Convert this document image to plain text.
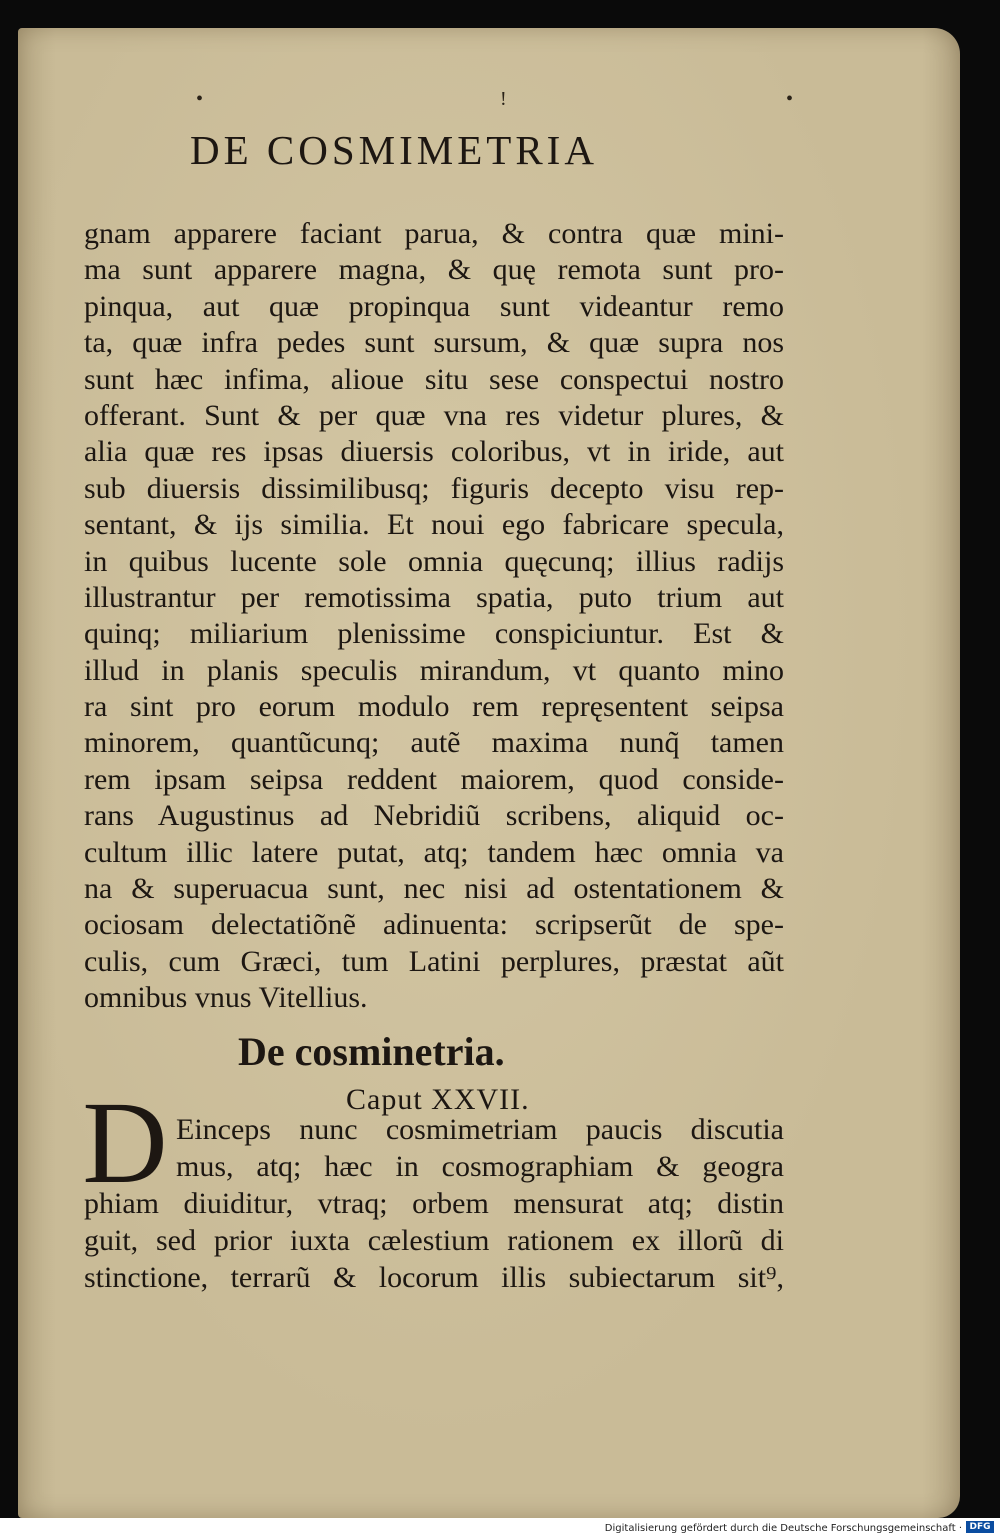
•	!	•
DE COSMIMETRIA
gnam apparere faciant parua, & contra quæ mini-
ma sunt apparere magna, & quę remota sunt pro-
pinqua, aut quæ propinqua sunt videantur remo
ta, quæ infra pedes sunt sursum, & quæ supra nos
sunt hæc infima, alioue situ sese conspectui nostro
offerant. Sunt & per quæ vna res videtur plures, &
alia quæ res ipsas diuersis coloribus, vt in iride, aut
sub diuersis dissimilibusq; figuris decepto visu rep-
sentant, & ijs similia. Et noui ego fabricare specula,
in quibus lucente sole omnia quęcunq; illius radijs
illustrantur per remotissima spatia, puto trium aut
quinq; miliarium plenissime conspiciuntur. Est &
illud in planis speculis mirandum, vt quanto mino
ra sint pro eorum modulo rem repręsentent seipsa
minorem, quantũcunq; autẽ maxima nunq̃ tamen
rem ipsam seipsa reddent maiorem, quod conside-
rans Augustinus ad Nebridiũ scribens, aliquid oc-
cultum illic latere putat, atq; tandem hæc omnia va
na & superuacua sunt, nec nisi ad ostentationem &
ociosam delectatiõnẽ adinuenta: scripserũt de spe-
culis, cum Græci, tum Latini perplures, præstat aũt
omnibus vnus Vitellius.
De cosminetria.
Caput XXVII.
D Einceps nunc cosmimetriam paucis discutia
mus, atq; hæc in cosmographiam & geogra
phiam diuiditur, vtraq; orbem mensurat atq; distin
guit, sed prior iuxta cælestium rationem ex illorũ di
stinctione, terrarũ & locorum illis subiectarum sit⁹,
Digitalisierung gefördert durch die Deutsche Forschungsgemeinschaft · DFG
